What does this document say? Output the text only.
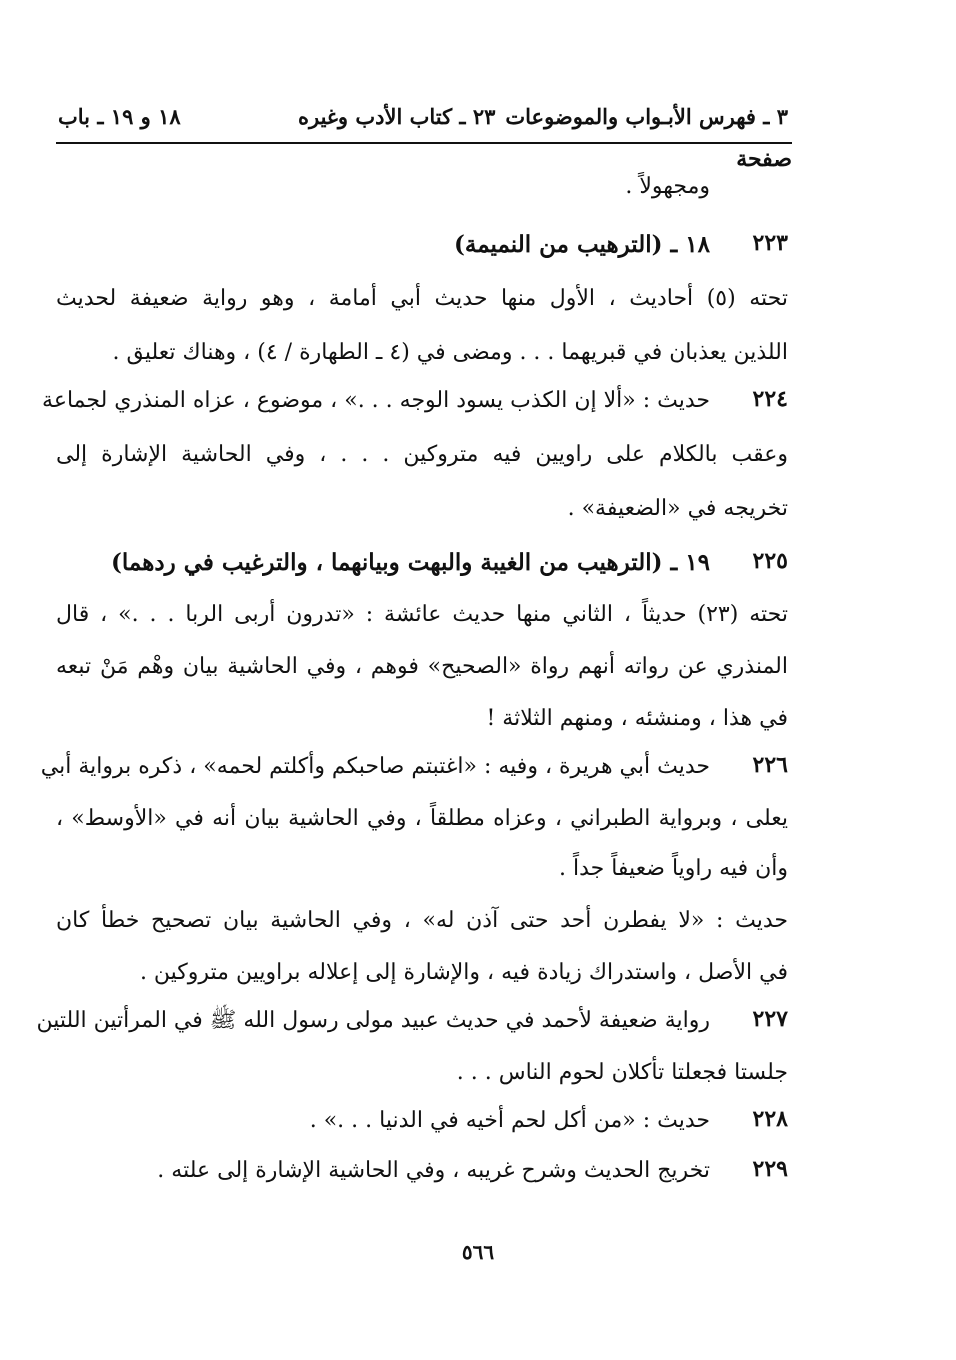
٣ ـ فهرس الأبـواب والموضوعات
٢٣ ـ كتاب الأدب وغيره
١٨ و ١٩ ـ باب
صفحة
ومجهولاً .
٢٢٣
١٨ ـ (الترهيب من النميمة)
تحته (٥) أحاديث ، الأول منها حديث أبي أمامة ، وهو رواية ضعيفة لحديث
اللذين يعذبان في قبريهما . . . ومضى في (٤ ـ الطهارة / ٤) ، وهناك تعليق .
٢٢٤
حديث : «ألا إن الكذب يسود الوجه . . .» ، موضوع ، عزاه المنذري لجماعة
وعقب بالكلام على راويين فيه متروكين . . . ، وفي الحاشية الإشارة إلى
تخريجه في «الضعيفة» .
٢٢٥
١٩ ـ (الترهيب من الغيبة والبهت وبيانهما ، والترغيب في ردهما)
تحته (٢٣) حديثاً ، الثاني منها حديث عائشة : «تدرون أربى الربا . . .» ، قال
المنذري عن رواته أنهم رواة «الصحيح» فوهم ، وفي الحاشية بيان وهْم مَنْ تبعه
في هذا ، ومنشئه ، ومنهم الثلاثة !
٢٢٦
حديث أبي هريرة ، وفيه : «اغتبتم صاحبكم وأكلتم لحمه» ، ذكره برواية أبي
يعلى ، وبرواية الطبراني ، وعزاه مطلقاً ، وفي الحاشية بيان أنه في «الأوسط» ،
وأن فيه راوياً ضعيفاً جداً .
حديث : «لا يفطرن أحد حتى آذن له» ، وفي الحاشية بيان تصحيح خطأ كان
في الأصل ، واستدراك زيادة فيه ، والإشارة إلى إعلاله براويين متروكين .
٢٢٧
رواية ضعيفة لأحمد في حديث عبيد مولى رسول الله ﷺ في المرأتين اللتين
جلستا فجعلتا تأكلان لحوم الناس . . .
٢٢٨
حديث : «من أكل لحم أخيه في الدنيا . . .» .
٢٢٩
تخريج الحديث وشرح غريبه ، وفي الحاشية الإشارة إلى علته .
٥٦٦
